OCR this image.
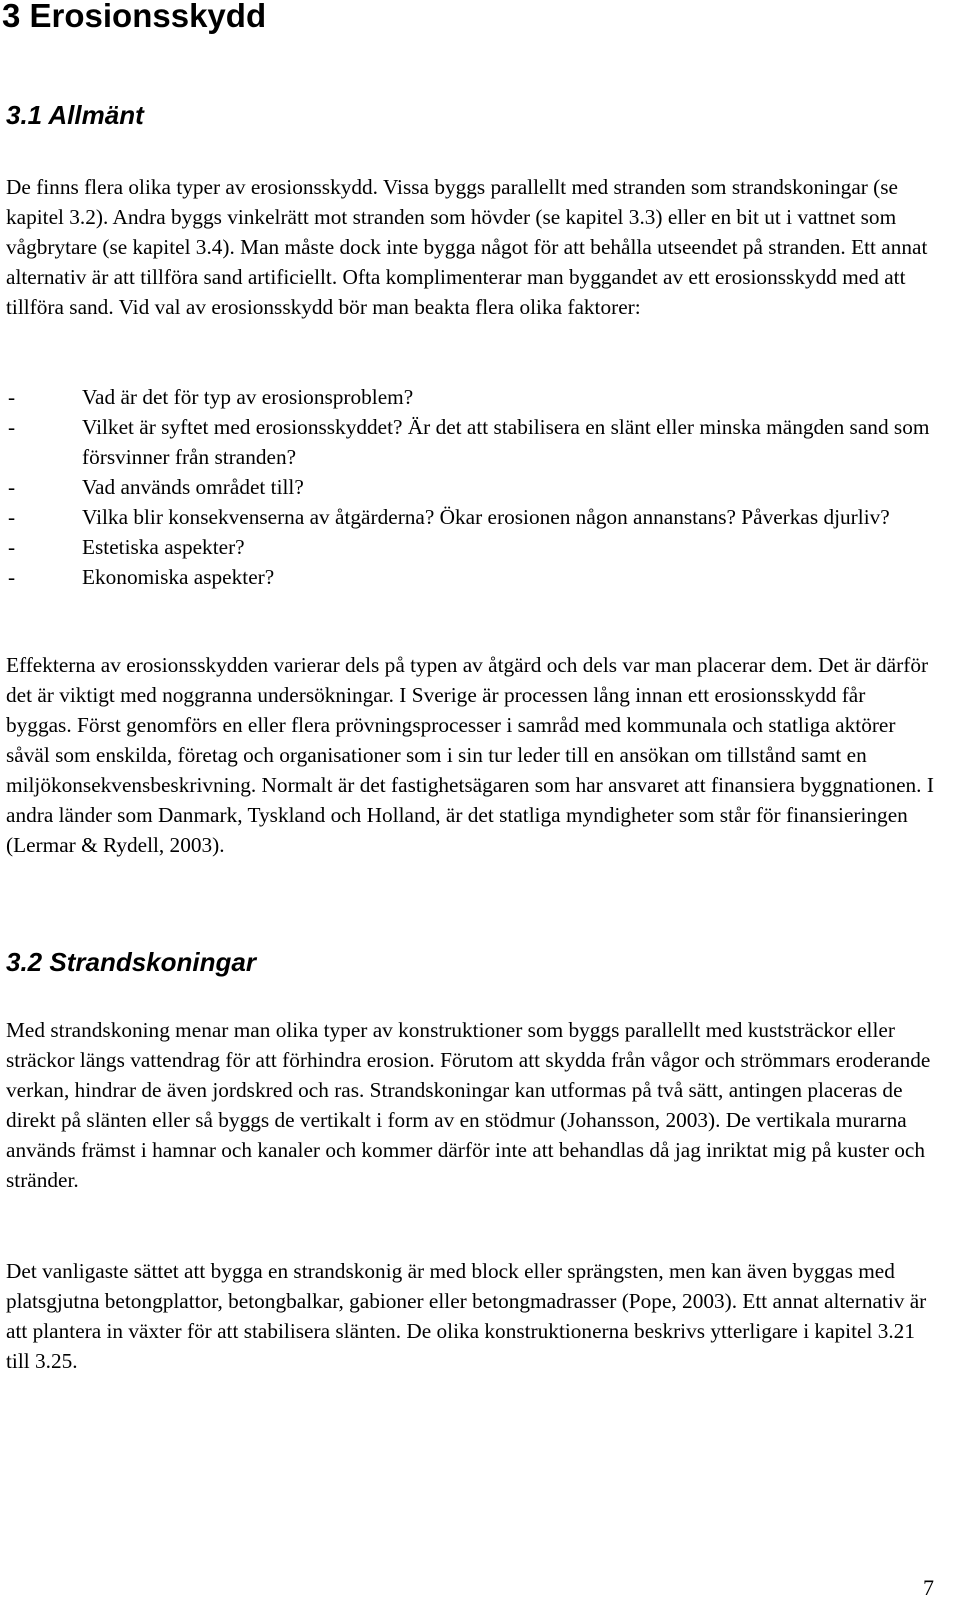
3 Erosionsskydd
3.1 Allmänt

De finns flera olika typer av erosionsskydd. Vissa byggs parallellt med stranden som strandskoningar (se kapitel 3.2). Andra byggs vinkelrätt mot stranden som hövder (se kapitel 3.3) eller en bit ut i vattnet som vågbrytare (se kapitel 3.4). Man måste dock inte bygga något för att behålla utseendet på stranden. Ett annat alternativ är att tillföra sand artificiellt. Ofta komplimenterar man byggandet av ett erosionsskydd med att tillföra sand. Vid val av erosionsskydd bör man beakta flera olika faktorer:

-	Vad är det för typ av erosionsproblem?
-	Vilket är syftet med erosionsskyddet? Är det att stabilisera en slänt eller minska mängden sand som försvinner från stranden?
-	Vad används området till?
-	Vilka blir konsekvenserna av åtgärderna? Ökar erosionen någon annanstans? Påverkas djurliv?
-	Estetiska aspekter?
-	Ekonomiska aspekter?

Effekterna av erosionsskydden varierar dels på typen av åtgärd och dels var man placerar dem. Det är därför det är viktigt med noggranna undersökningar. I Sverige är processen lång innan ett erosionsskydd får byggas. Först genomförs en eller flera prövningsprocesser i samråd med kommunala och statliga aktörer såväl som enskilda, företag och organisationer som i sin tur leder till en ansökan om tillstånd samt en miljökonsekvensbeskrivning. Normalt är det fastighetsägaren som har ansvaret att finansiera byggnationen. I andra länder som Danmark, Tyskland och Holland, är det statliga myndigheter som står för finansieringen (Lermar & Rydell, 2003).

3.2 Strandskoningar

Med strandskoning menar man olika typer av konstruktioner som byggs parallellt med kuststräckor eller sträckor längs vattendrag för att förhindra erosion. Förutom att skydda från vågor och strömmars eroderande verkan, hindrar de även jordskred och ras. Strandskoningar kan utformas på två sätt, antingen placeras de direkt på slänten eller så byggs de vertikalt i form av en stödmur (Johansson, 2003). De vertikala murarna används främst i hamnar och kanaler och kommer därför inte att behandlas då jag inriktat mig på kuster och stränder.

Det vanligaste sättet att bygga en strandskonig är med block eller sprängsten, men kan även byggas med platsgjutna betongplattor, betongbalkar, gabioner eller betongmadrasser (Pope, 2003). Ett annat alternativ är att plantera in växter för att stabilisera slänten. De olika konstruktionerna beskrivs ytterligare i kapitel 3.21 till 3.25.

7
